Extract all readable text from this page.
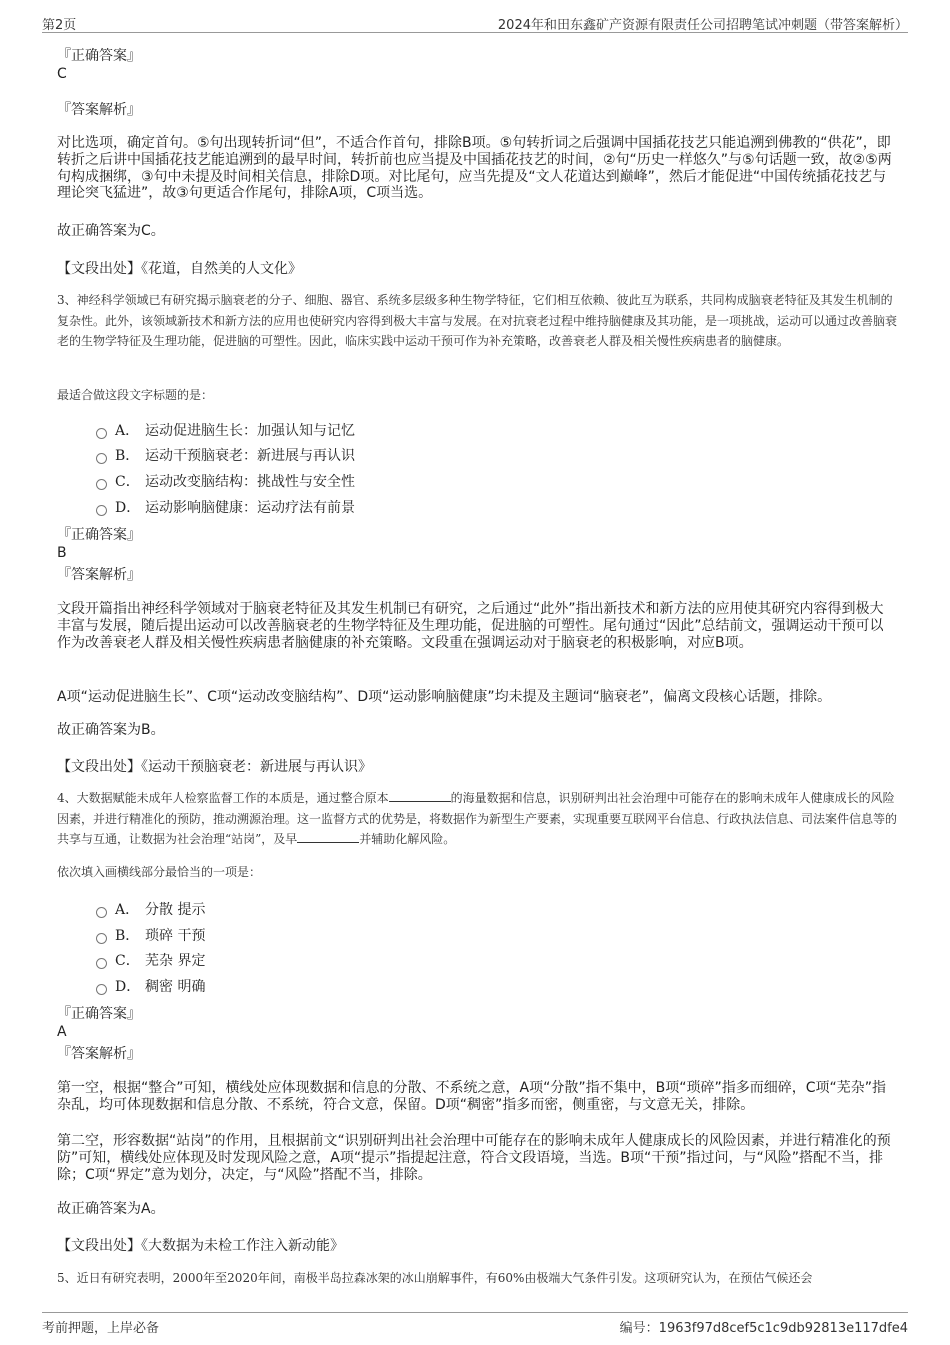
第2页	2024年和田东鑫矿产资源有限责任公司招聘笔试冲刺题（带答案解析）
『正确答案』
C
『答案解析』

对比选项，确定首句。⑤句出现转折词“但”，不适合作首句，排除B项。⑤句转折词之后强调中国插花技艺只能追溯到佛教的“供花”，即转折之后讲中国插花技艺能追溯到的最早时间，转折前也应当提及中国插花技艺的时间，②句“历史一样悠久”与⑤句话题一致，故②⑤两句构成捆绑，③句中未提及时间相关信息，排除D项。对比尾句，应当先提及“文人花道达到巅峰”，然后才能促进“中国传统插花技艺与理论突飞猛进”，故③句更适合作尾句，排除A项，C项当选。

故正确答案为C。

【文段出处】《花道，自然美的人文化》

3、神经科学领域已有研究揭示脑衰老的分子、细胞、器官、系统多层级多种生物学特征，它们相互依赖、彼此互为联系，共同构成脑衰老特征及其发生机制的复杂性。此外，该领域新技术和新方法的应用也使研究内容得到极大丰富与发展。在对抗衰老过程中维持脑健康及其功能，是一项挑战，运动可以通过改善脑衰老的生物学特征及生理功能，促进脑的可塑性。因此，临床实践中运动干预可作为补充策略，改善衰老人群及相关慢性疾病患者的脑健康。

最适合做这段文字标题的是：

A． 运动促进脑生长：加强认知与记忆
B． 运动干预脑衰老：新进展与再认识
C． 运动改变脑结构：挑战性与安全性
D． 运动影响脑健康：运动疗法有前景
『正确答案』
B
『答案解析』

文段开篇指出神经科学领域对于脑衰老特征及其发生机制已有研究，之后通过“此外”指出新技术和新方法的应用使其研究内容得到极大丰富与发展，随后提出运动可以改善脑衰老的生物学特征及生理功能，促进脑的可塑性。尾句通过“因此”总结前文，强调运动干预可以作为改善衰老人群及相关慢性疾病患者脑健康的补充策略。文段重在强调运动对于脑衰老的积极影响，对应B项。

A项“运动促进脑生长”、C项“运动改变脑结构”、D项“运动影响脑健康”均未提及主题词“脑衰老”，偏离文段核心话题，排除。

故正确答案为B。

【文段出处】《运动干预脑衰老：新进展与再认识》

4、大数据赋能未成年人检察监督工作的本质是，通过整合原本	的海量数据和信息，识别研判出社会治理中可能存在的影响未成年人健康成长的风险因素，并进行精准化的预防，推动溯源治理。这一监督方式的优势是，将数据作为新型生产要素，实现重要互联网平台信息、行政执法信息、司法案件信息等的共享与互通，让数据为社会治理“站岗”，及早	并辅助化解风险。

依次填入画横线部分最恰当的一项是：

A． 分散 提示
B． 琐碎 干预
C． 芜杂 界定
D． 稠密 明确
『正确答案』
A
『答案解析』

第一空，根据“整合”可知，横线处应体现数据和信息的分散、不系统之意，A项“分散”指不集中，B项“琐碎”指多而细碎，C项“芜杂”指杂乱，均可体现数据和信息分散、不系统，符合文意，保留。D项“稠密”指多而密，侧重密，与文意无关，排除。

第二空，形容数据“站岗”的作用，且根据前文“识别研判出社会治理中可能存在的影响未成年人健康成长的风险因素，并进行精准化的预防”可知，横线处应体现及时发现风险之意，A项“提示”指提起注意，符合文段语境，当选。B项“干预”指过问，与“风险”搭配不当，排除；C项“界定”意为划分，决定，与“风险”搭配不当，排除。

故正确答案为A。

【文段出处】《大数据为未检工作注入新动能》

5、近日有研究表明，2000年至2020年间，南极半岛拉森冰架的冰山崩解事件，有60%由极端大气条件引发。这项研究认为，在预估气候还会

考前押题，上岸必备	编号：1963f97d8cef5c1c9db92813e117dfe4
